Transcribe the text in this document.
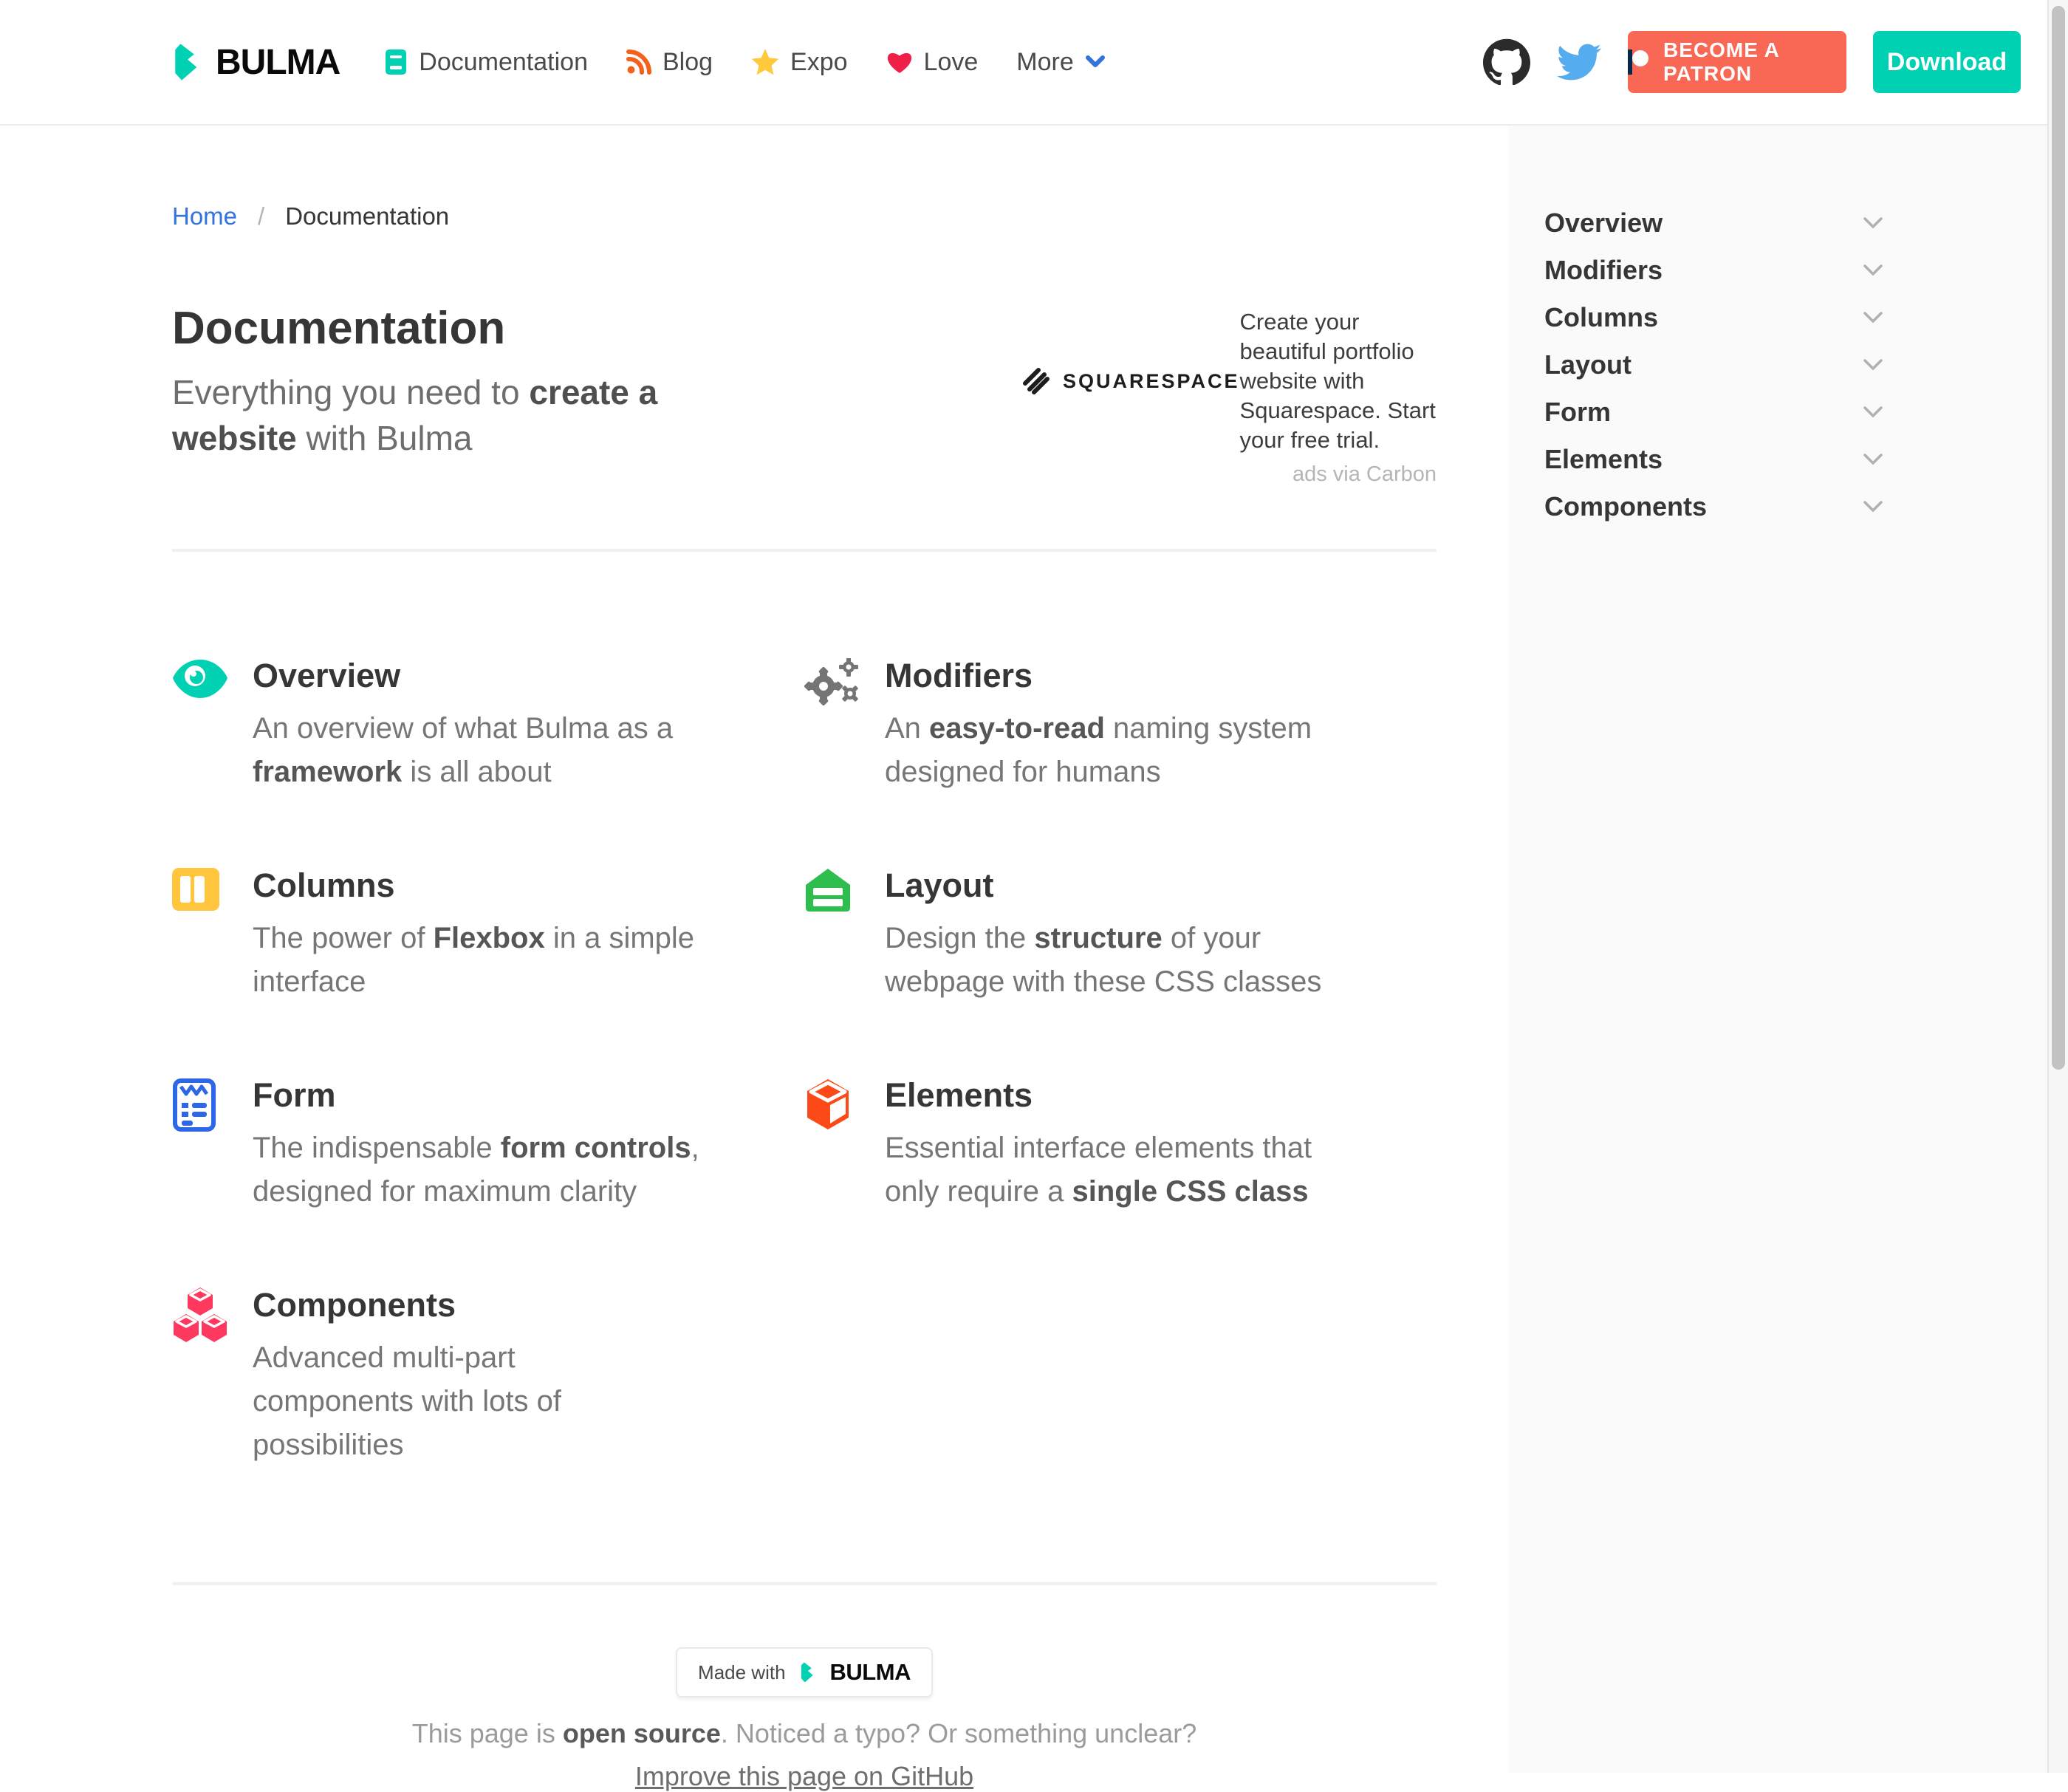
BULMA	Documentation	Blog	Expo	Love More	BECOME A PATRON	Download
Home / Documentation
Documentation

Everything you need to create a website with Bulma

SQUARESPACE

Create your beautiful portfolio website with Squarespace. Start your free trial.

ads via Carbon
Overview

An overview of what Bulma as a framework is all about

Modifiers

An easy-to-read naming system designed for humans

Columns

The power of Flexbox in a simple interface

Layout

Design the structure of your webpage with these CSS classes

Form

The indispensable form controls, designed for maximum clarity

Elements

Essential interface elements that only require a single CSS class

Components

Advanced multi-part components with lots of possibilities

Made with BULMA

This page is open source. Noticed a typo? Or something unclear?

Improve this page on GitHub
Overview
Modifiers
Columns
Layout
Form
Elements
Components
